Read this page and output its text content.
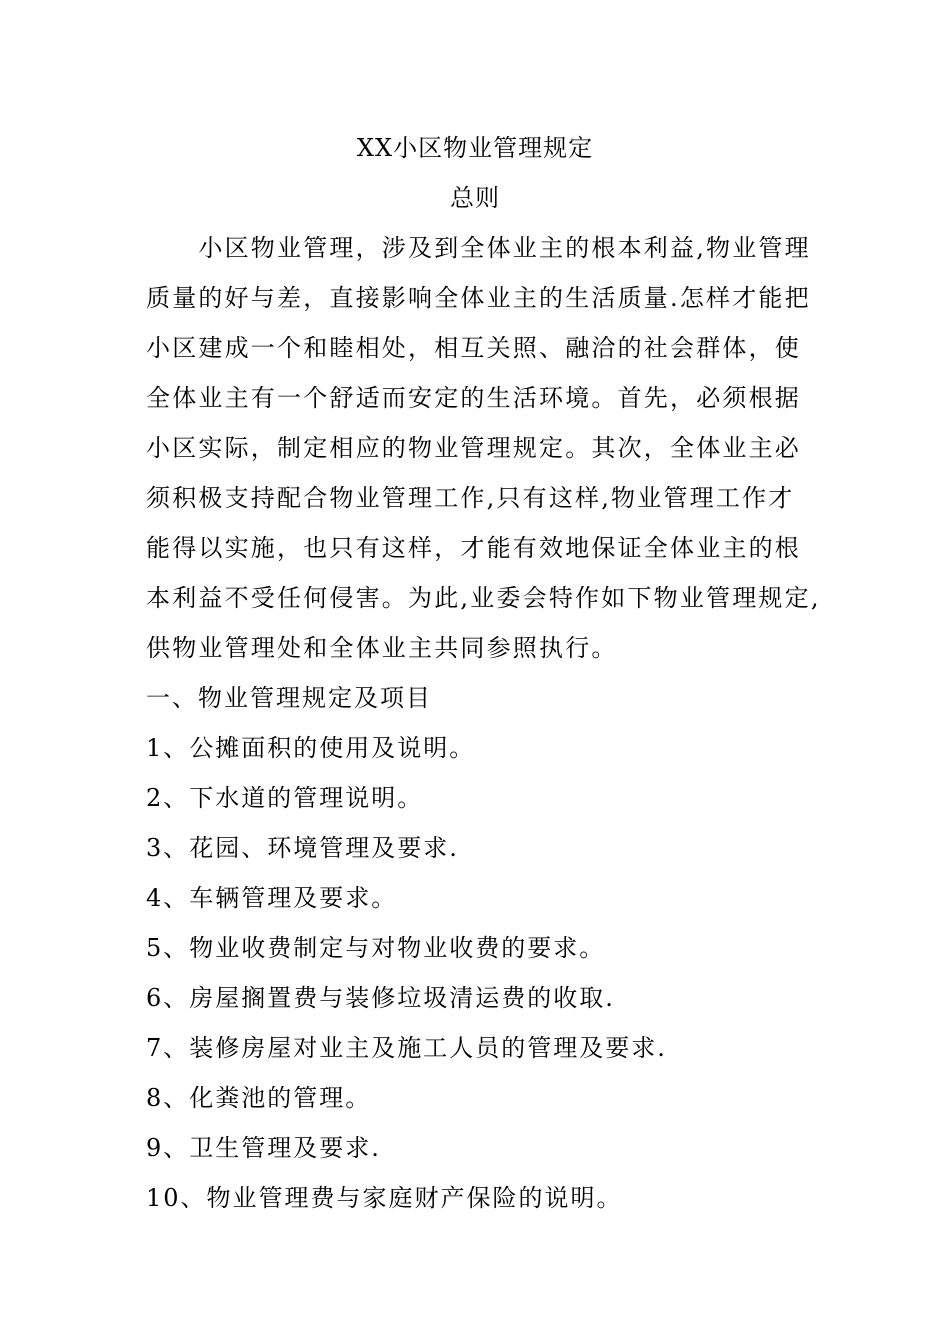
XX小区物业管理规定
总则
　　小区物业管理，涉及到全体业主的根本利益,物业管理
质量的好与差，直接影响全体业主的生活质量.怎样才能把
小区建成一个和睦相处，相互关照、融洽的社会群体，使
全体业主有一个舒适而安定的生活环境。首先，必须根据
小区实际，制定相应的物业管理规定。其次，全体业主必
须积极支持配合物业管理工作,只有这样,物业管理工作才
能得以实施，也只有这样，才能有效地保证全体业主的根
本利益不受任何侵害。为此,业委会特作如下物业管理规定,
供物业管理处和全体业主共同参照执行。
一、物业管理规定及项目
1、公摊面积的使用及说明。
2、下水道的管理说明。
3、花园、环境管理及要求.
4、车辆管理及要求。
5、物业收费制定与对物业收费的要求。
6、房屋搁置费与装修垃圾清运费的收取.
7、装修房屋对业主及施工人员的管理及要求.
8、化粪池的管理。
9、卫生管理及要求.
10、物业管理费与家庭财产保险的说明。
